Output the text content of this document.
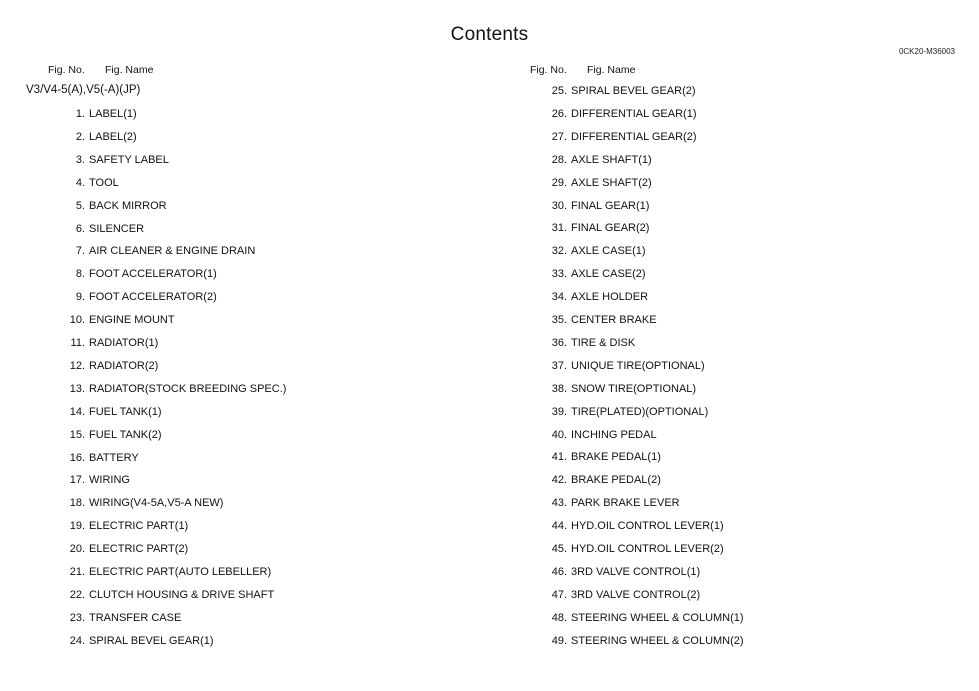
Contents
0CK20-M36003
Fig. No. Fig. Name
V3/V4-5(A),V5(-A)(JP)
1. LABEL(1)
2. LABEL(2)
3. SAFETY LABEL
4. TOOL
5. BACK MIRROR
6. SILENCER
7. AIR CLEANER & ENGINE DRAIN
8. FOOT ACCELERATOR(1)
9. FOOT ACCELERATOR(2)
10. ENGINE MOUNT
11. RADIATOR(1)
12. RADIATOR(2)
13. RADIATOR(STOCK BREEDING SPEC.)
14. FUEL TANK(1)
15. FUEL TANK(2)
16. BATTERY
17. WIRING
18. WIRING(V4-5A,V5-A NEW)
19. ELECTRIC PART(1)
20. ELECTRIC PART(2)
21. ELECTRIC PART(AUTO LEBELLER)
22. CLUTCH HOUSING & DRIVE SHAFT
23. TRANSFER CASE
24. SPIRAL BEVEL GEAR(1)
Fig. No. Fig. Name
25. SPIRAL BEVEL GEAR(2)
26. DIFFERENTIAL GEAR(1)
27. DIFFERENTIAL GEAR(2)
28. AXLE SHAFT(1)
29. AXLE SHAFT(2)
30. FINAL GEAR(1)
31. FINAL GEAR(2)
32. AXLE CASE(1)
33. AXLE CASE(2)
34. AXLE HOLDER
35. CENTER BRAKE
36. TIRE & DISK
37. UNIQUE TIRE(OPTIONAL)
38. SNOW TIRE(OPTIONAL)
39. TIRE(PLATED)(OPTIONAL)
40. INCHING PEDAL
41. BRAKE PEDAL(1)
42. BRAKE PEDAL(2)
43. PARK BRAKE LEVER
44. HYD.OIL CONTROL LEVER(1)
45. HYD.OIL CONTROL LEVER(2)
46. 3RD VALVE CONTROL(1)
47. 3RD VALVE CONTROL(2)
48. STEERING WHEEL & COLUMN(1)
49. STEERING WHEEL & COLUMN(2)
